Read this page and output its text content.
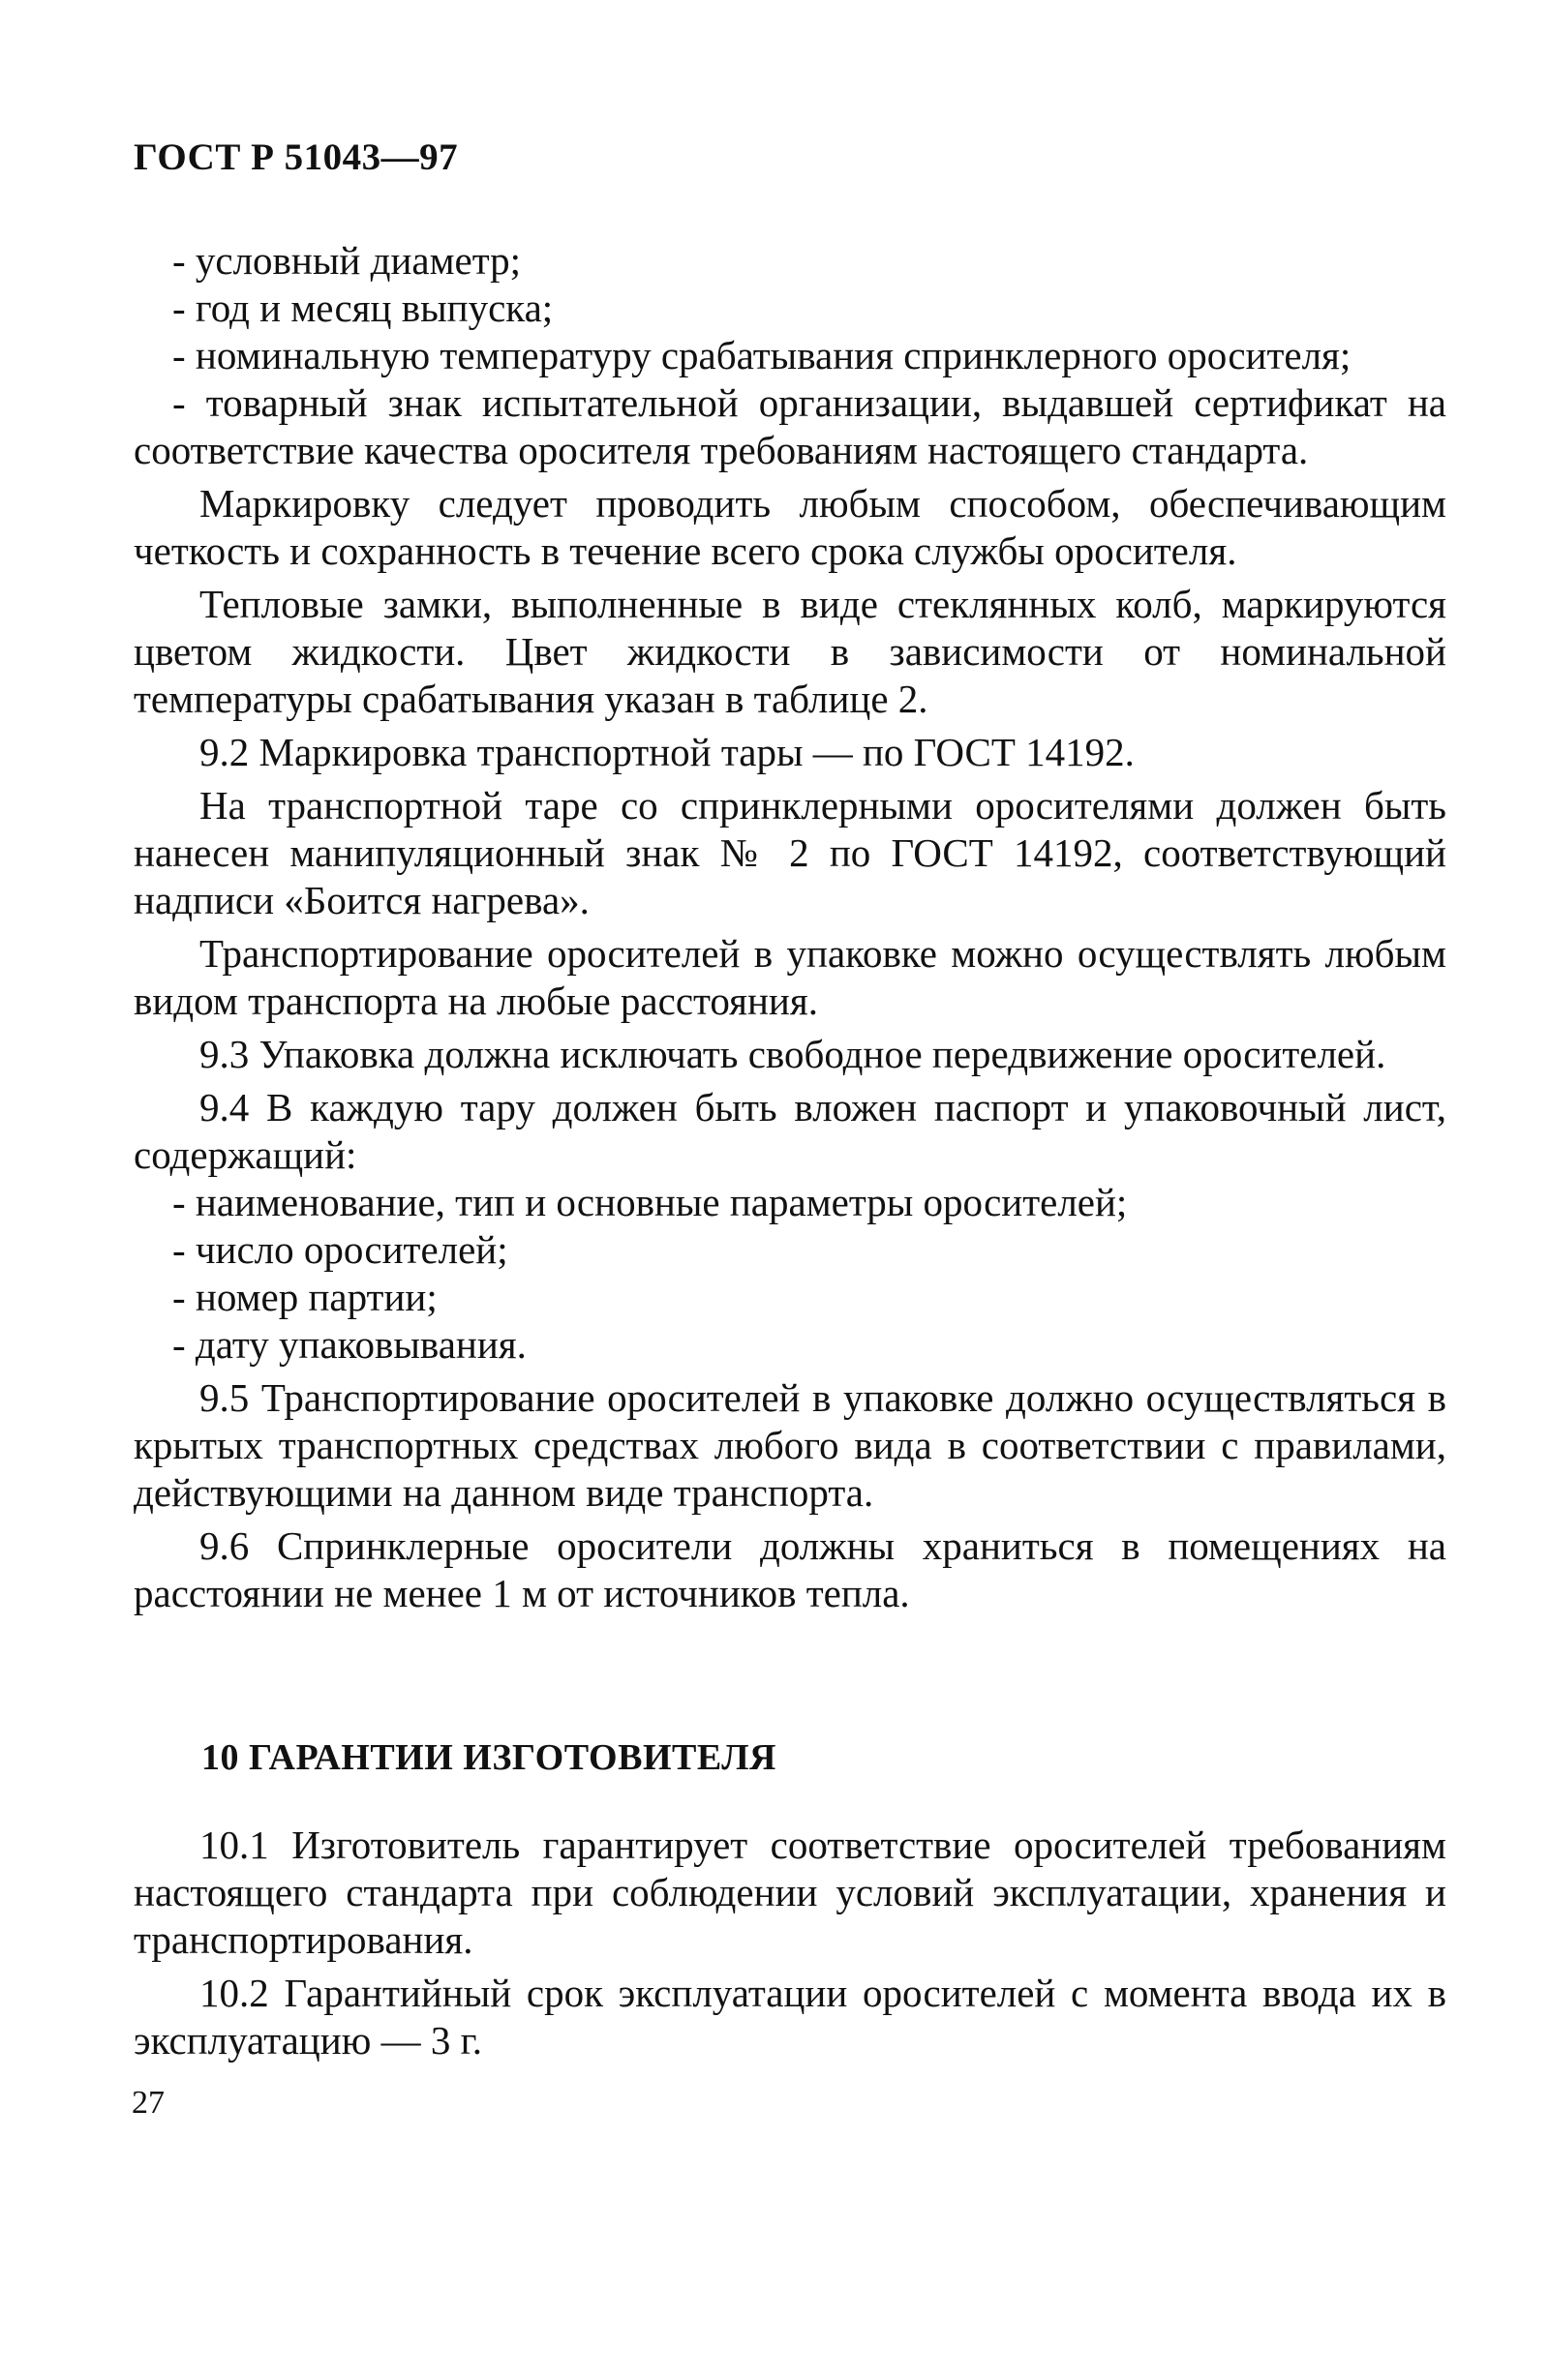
ГОСТ Р 51043—97

- условный диаметр;

- год и месяц выпуска;

- номинальную температуру срабатывания спринклерного оросителя;

- товарный знак испытательной организации, выдавшей сертификат на соответствие качества оросителя требованиям настоящего стандарта.

Маркировку следует проводить любым способом, обеспечивающим четкость и сохранность в течение всего срока службы оросителя.

Тепловые замки, выполненные в виде стеклянных колб, маркируются цветом жидкости. Цвет жидкости в зависимости от номинальной температуры срабатывания указан в таблице 2.

9.2 Маркировка транспортной тары — по ГОСТ 14192.

На транспортной таре со спринклерными оросителями должен быть нанесен манипуляционный знак № 2 по ГОСТ 14192, соответствующий надписи «Боится нагрева».

Транспортирование оросителей в упаковке можно осуществлять любым видом транспорта на любые расстояния.

9.3 Упаковка должна исключать свободное передвижение оросителей.

9.4 В каждую тару должен быть вложен паспорт и упаковочный лист, содержащий:

- наименование, тип и основные параметры оросителей;

- число оросителей;

- номер партии;

- дату упаковывания.

9.5 Транспортирование оросителей в упаковке должно осуществляться в крытых транспортных средствах любого вида в соответствии с правилами, действующими на данном виде транспорта.

9.6 Спринклерные оросители должны храниться в помещениях на расстоянии не менее 1 м от источников тепла.

10 ГАРАНТИИ ИЗГОТОВИТЕЛЯ

10.1 Изготовитель гарантирует соответствие оросителей требованиям настоящего стандарта при соблюдении условий эксплуатации, хранения и транспортирования.

10.2 Гарантийный срок эксплуатации оросителей с момента ввода их в эксплуатацию — 3 г.

27
